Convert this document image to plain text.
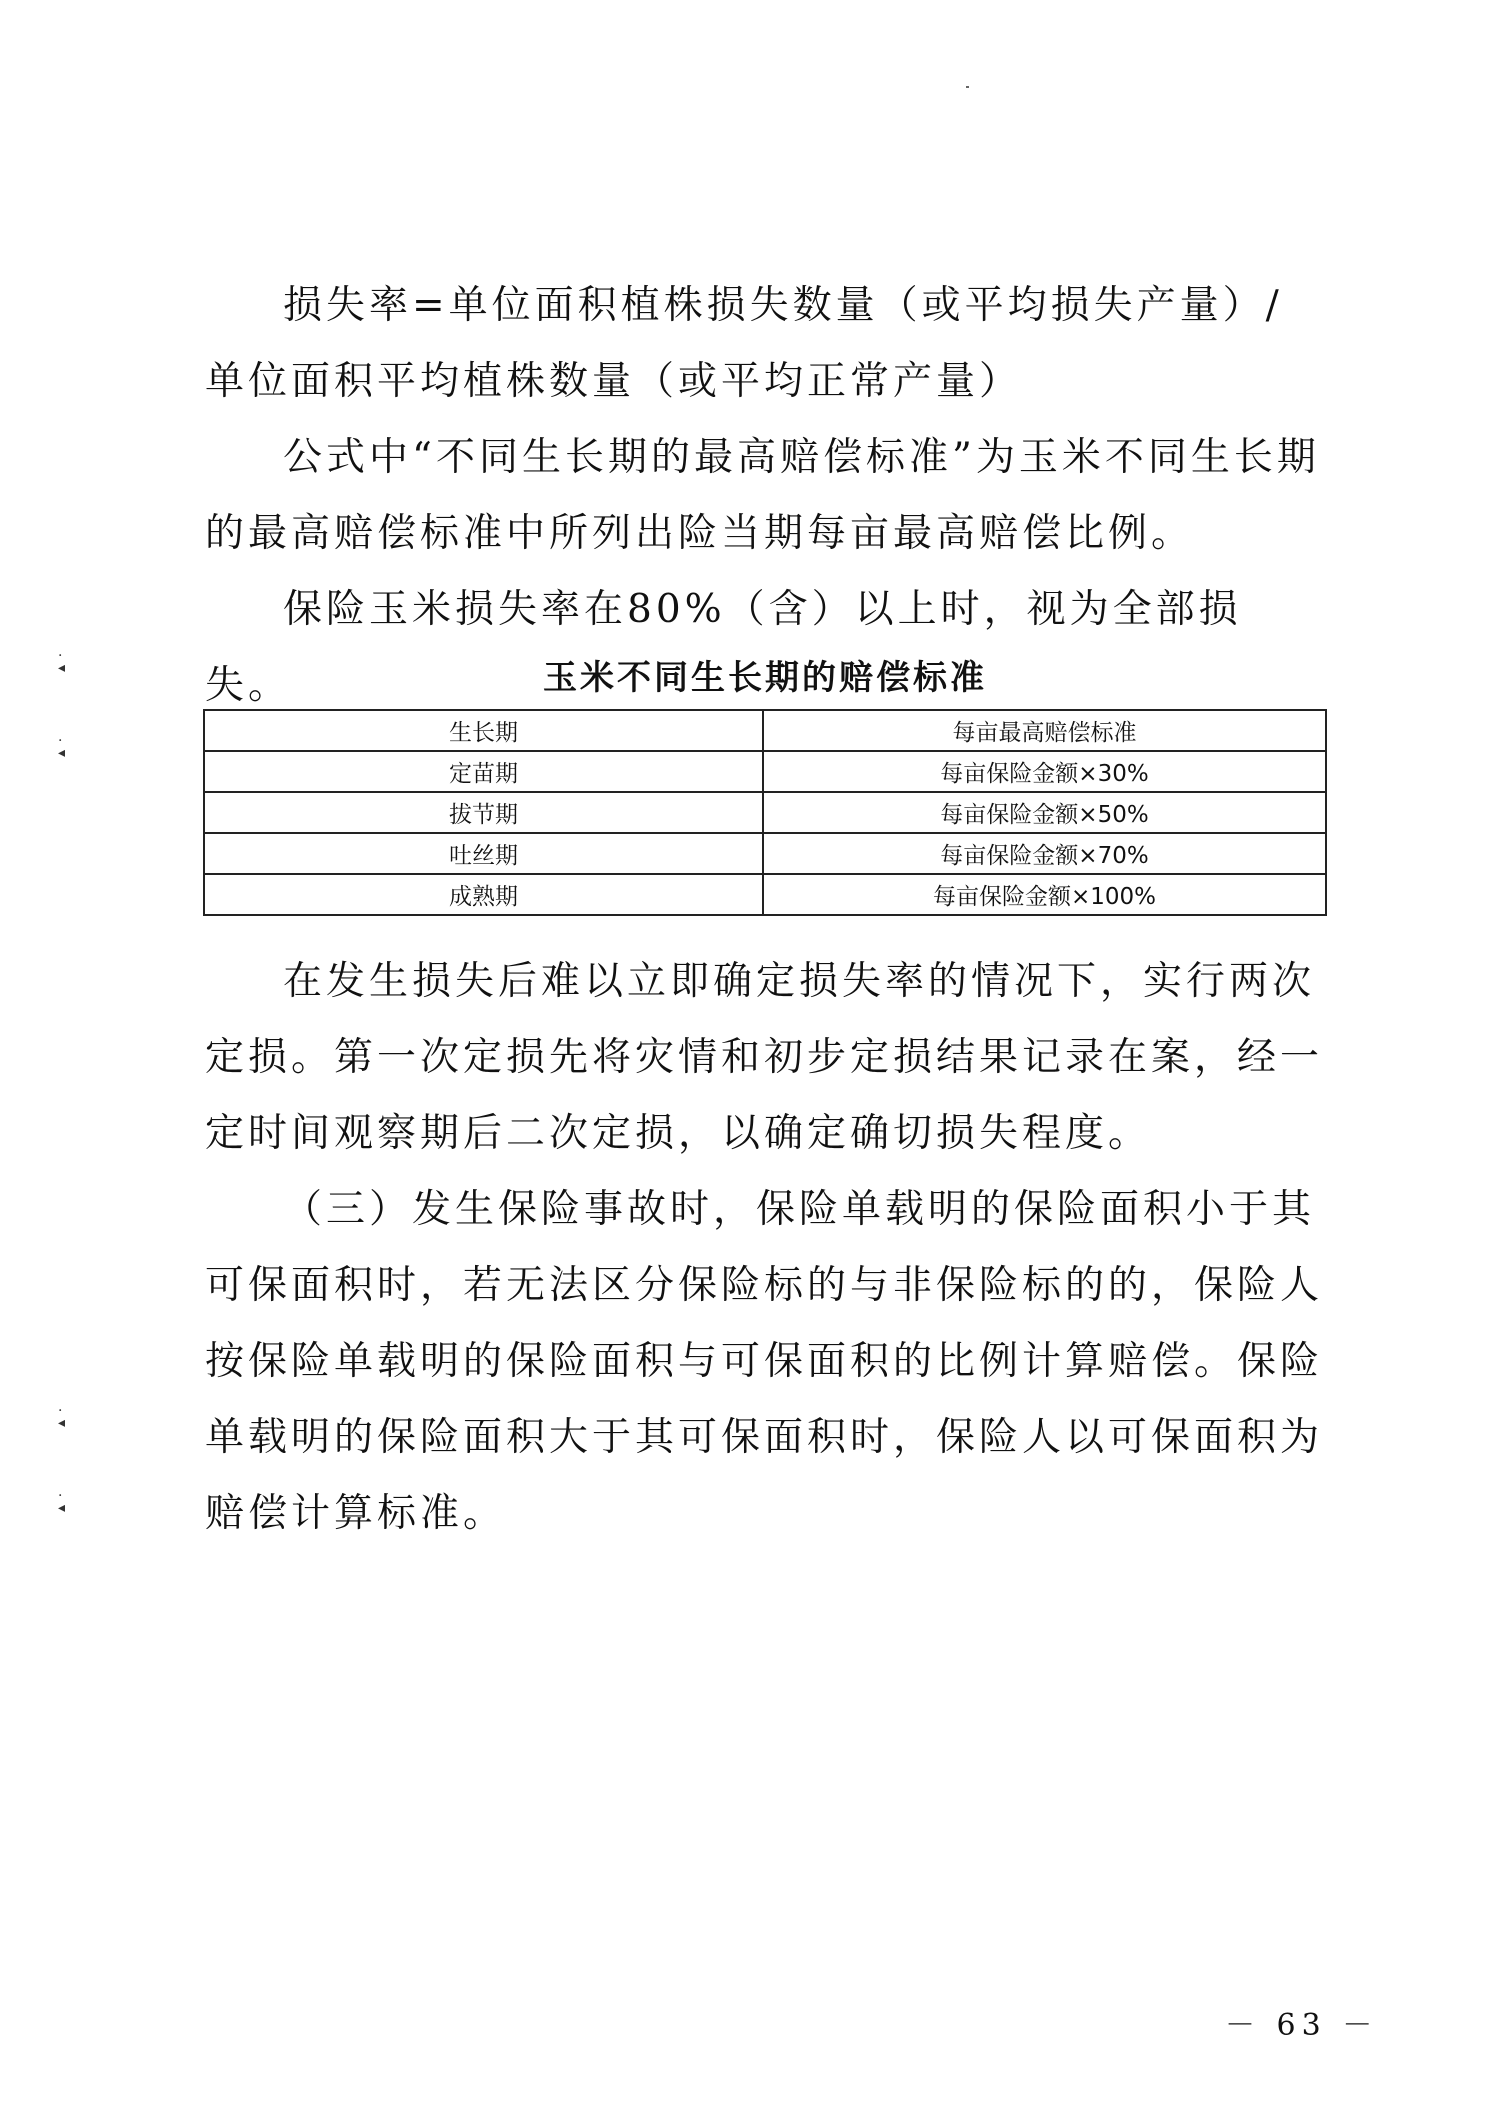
损失率=单位面积植株损失数量（或平均损失产量）/单位面积平均植株数量（或平均正常产量）

公式中“不同生长期的最高赔偿标准”为玉米不同生长期的最高赔偿标准中所列出险当期每亩最高赔偿比例。

保险玉米损失率在80%（含）以上时，视为全部损失。	玉米不同生长期的赔偿标准
生长期	每亩最高赔偿标准
定苗期	每亩保险金额×30%
拔节期	每亩保险金额×50%
吐丝期	每亩保险金额×70%
成熟期	每亩保险金额×100%

在发生损失后难以立即确定损失率的情况下，实行两次定损。第一次定损先将灾情和初步定损结果记录在案，经一定时间观察期后二次定损，以确定确切损失程度。

（三）发生保险事故时，保险单载明的保险面积小于其可保面积时，若无法区分保险标的与非保险标的的，保险人按保险单载明的保险面积与可保面积的比例计算赔偿。保险单载明的保险面积大于其可保面积时，保险人以可保面积为赔偿计算标准。

·
◂
·
◂
·
◂
·
◂
－ 63 －
